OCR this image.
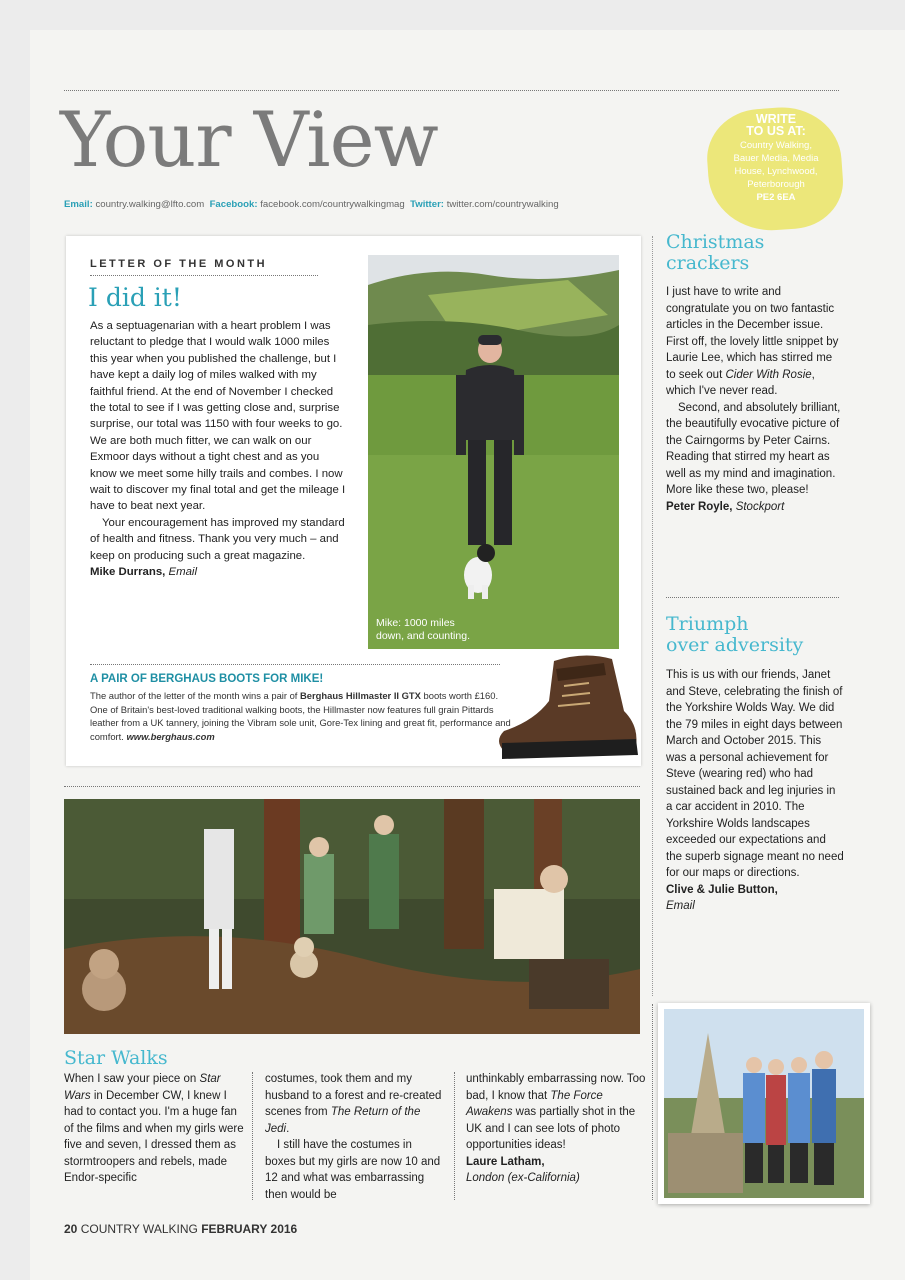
Your View
Email: country.walking@lfto.com Facebook: facebook.com/countrywalkingmag Twitter: twitter.com/countrywalking
WRITE
TO US AT:
Country Walking,
Bauer Media, Media
House, Lynchwood,
Peterborough
PE2 6EA
LETTER OF THE MONTH
I did it!

As a septuagenarian with a heart problem I was reluctant to pledge that I would walk 1000 miles this year when you published the challenge, but I have kept a daily log of miles walked with my faithful friend. At the end of November I checked the total to see if I was getting close and, surprise surprise, our total was 1150 with four weeks to go. We are both much fitter, we can walk on our Exmoor days without a tight chest and as you know we meet some hilly trails and combes. I now wait to discover my final total and get the mileage I have to beat next year.

Your encouragement has improved my standard of health and fitness. Thank you very much – and keep on producing such a great magazine.

Mike Durrans, Email

Mike: 1000 miles
down, and counting.
A PAIR OF BERGHAUS BOOTS FOR MIKE!
The author of the letter of the month wins a pair of Berghaus Hillmaster II GTX boots worth £160. One of Britain's best-loved traditional walking boots, the Hillmaster now features full grain Pittards leather from a UK tannery, joining the Vibram sole unit, Gore-Tex lining and great fit, performance and comfort. www.berghaus.com
Christmas
crackers

I just have to write and congratulate you on two fantastic articles in the December issue. First off, the lovely little snippet by Laurie Lee, which has stirred me to seek out Cider With Rosie, which I've never read.

Second, and absolutely brilliant, the beautifully evocative picture of the Cairngorms by Peter Cairns. Reading that stirred my heart as well as my mind and imagination. More like these two, please!

Peter Royle, Stockport

Triumph
over adversity

This is us with our friends, Janet and Steve, celebrating the finish of the Yorkshire Wolds Way. We did the 79 miles in eight days between March and October 2015. This was a personal achievement for Steve (wearing red) who had sustained back and leg injuries in a car accident in 2010. The Yorkshire Wolds landscapes exceeded our expectations and the superb signage meant no need for our maps or directions.

Clive & Julie Button,
Email

Star Walks
When I saw your piece on Star Wars in December CW, I knew I had to contact you. I'm a huge fan of the films and when my girls were five and seven, I dressed them as stormtroopers and rebels, made Endor-specific

costumes, took them and my husband to a forest and re-created scenes from The Return of the Jedi.

I still have the costumes in boxes but my girls are now 10 and 12 and what was embarrassing then would be

unthinkably embarrassing now. Too bad, I know that The Force Awakens was partially shot in the UK and I can see lots of photo opportunities ideas!

Laure Latham,
London (ex-California)

20 COUNTRY WALKING FEBRUARY 2016
